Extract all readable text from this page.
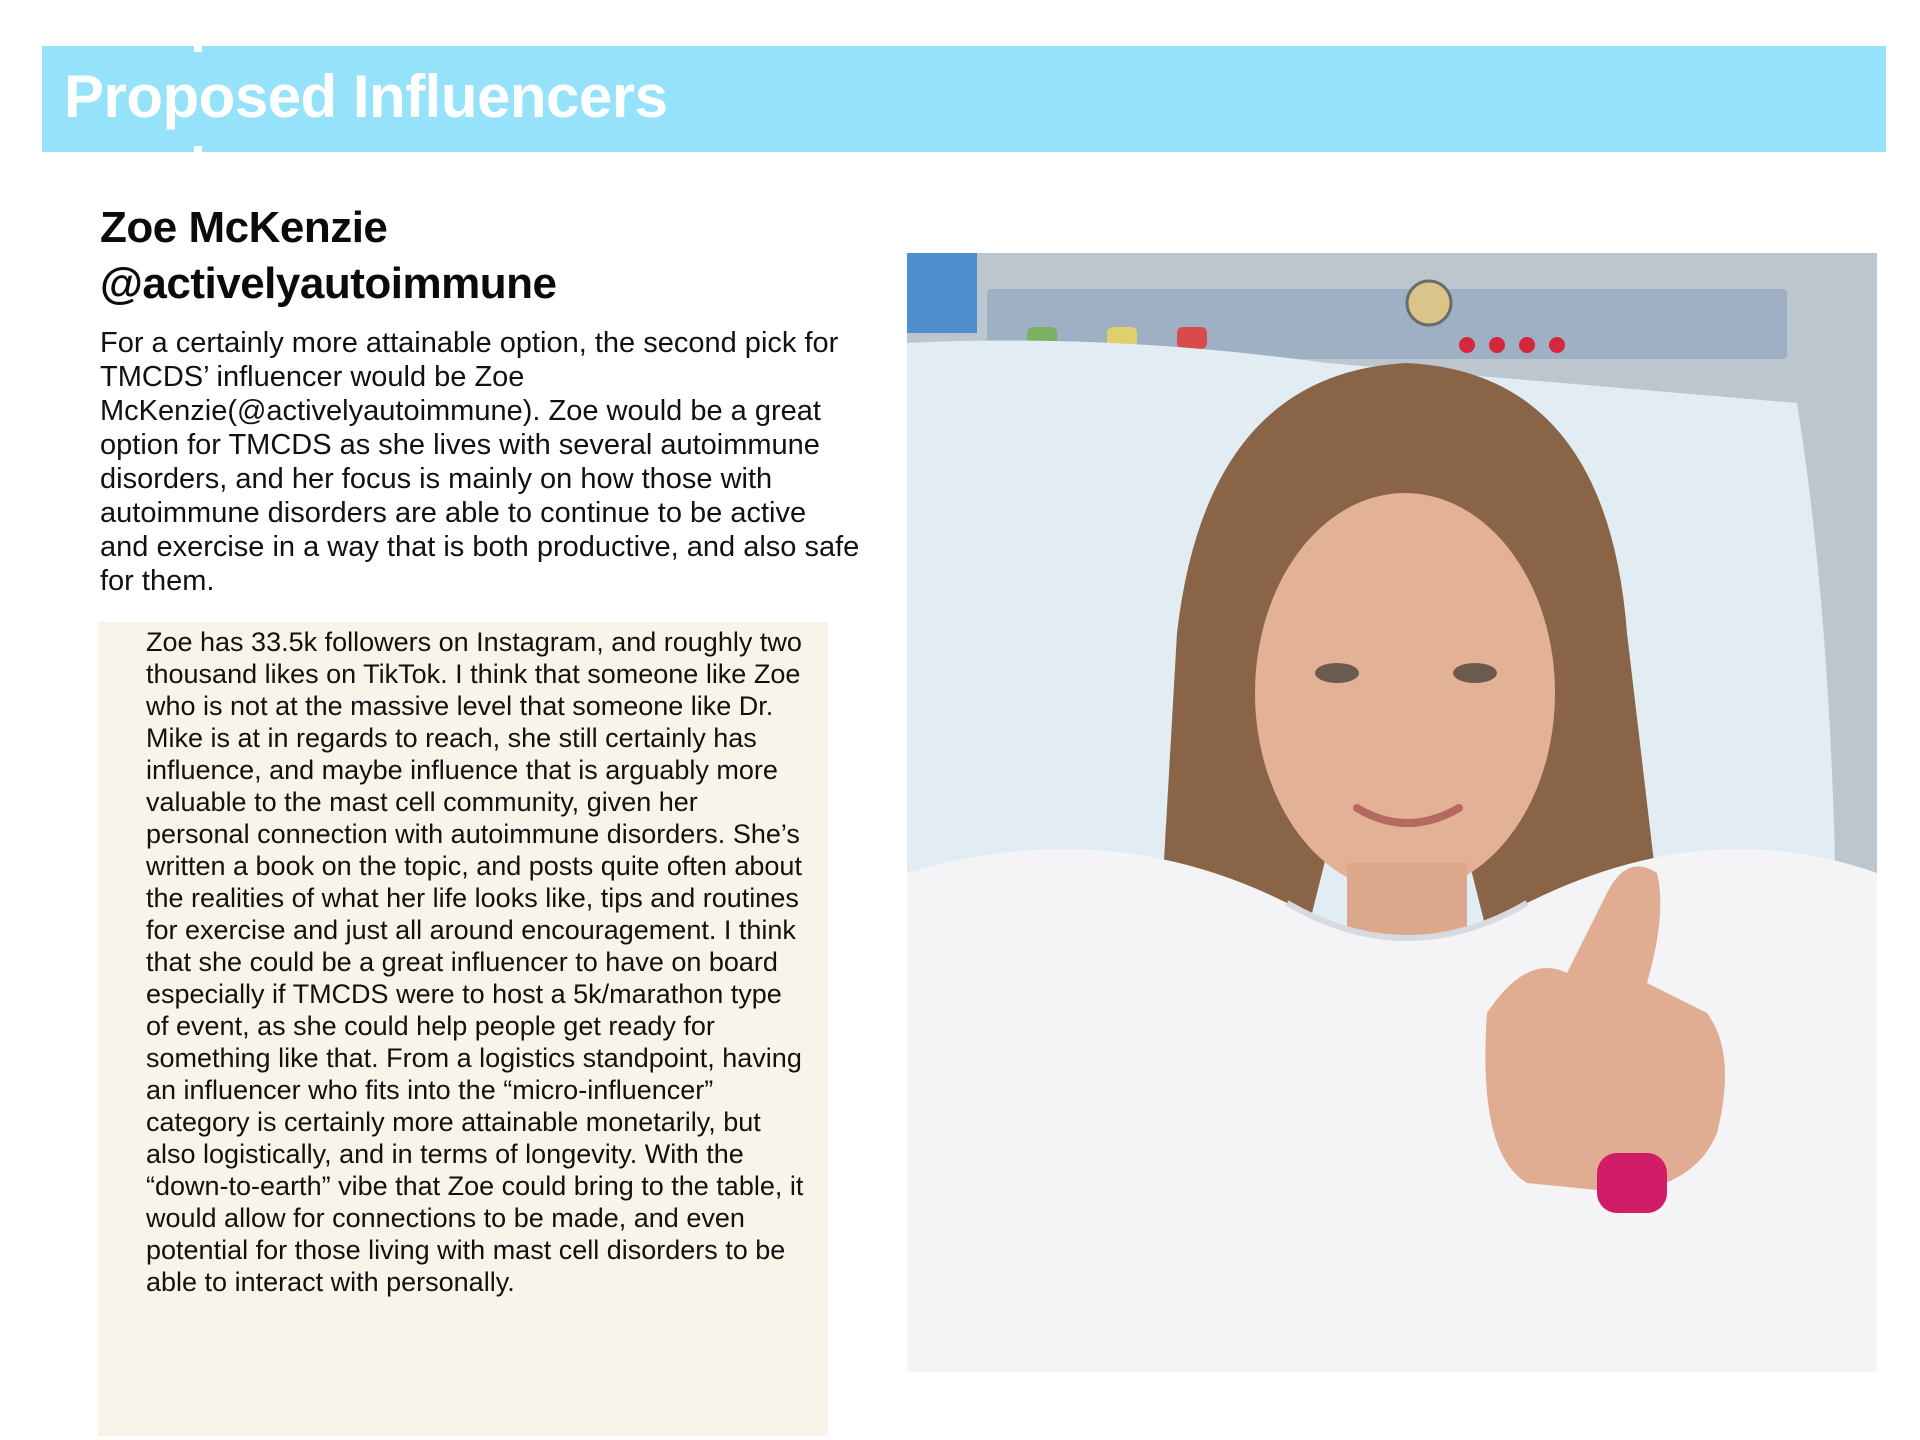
Proposed Influencers
Zoe McKenzie
@activelyautoimmune

For a certainly more attainable option, the second pick for TMCDS’ influencer would be Zoe McKenzie(@activelyautoimmune). Zoe would be a great option for TMCDS as she lives with several autoimmune disorders, and her focus is mainly on how those with autoimmune disorders are able to continue to be active and exercise in a way that is both productive, and also safe for them.

Zoe has 33.5k followers on Instagram, and roughly two thousand likes on TikTok. I think that someone like Zoe who is not at the massive level that someone like Dr. Mike is at in regards to reach, she still certainly has influence, and maybe influence that is arguably more valuable to the mast cell community, given her personal connection with autoimmune disorders. She’s written a book on the topic, and posts quite often about the realities of what her life looks like, tips and routines for exercise and just all around encouragement. I think that she could be a great influencer to have on board especially if TMCDS were to host a 5k/marathon type of event, as she could help people get ready for something like that. From a logistics standpoint, having an influencer who fits into the “micro-influencer” category is certainly more attainable monetarily, but also logistically, and in terms of longevity. With the “down-to-earth” vibe that Zoe could bring to the table, it would allow for connections to be made, and even potential for those living with mast cell disorders to be able to interact with personally.
